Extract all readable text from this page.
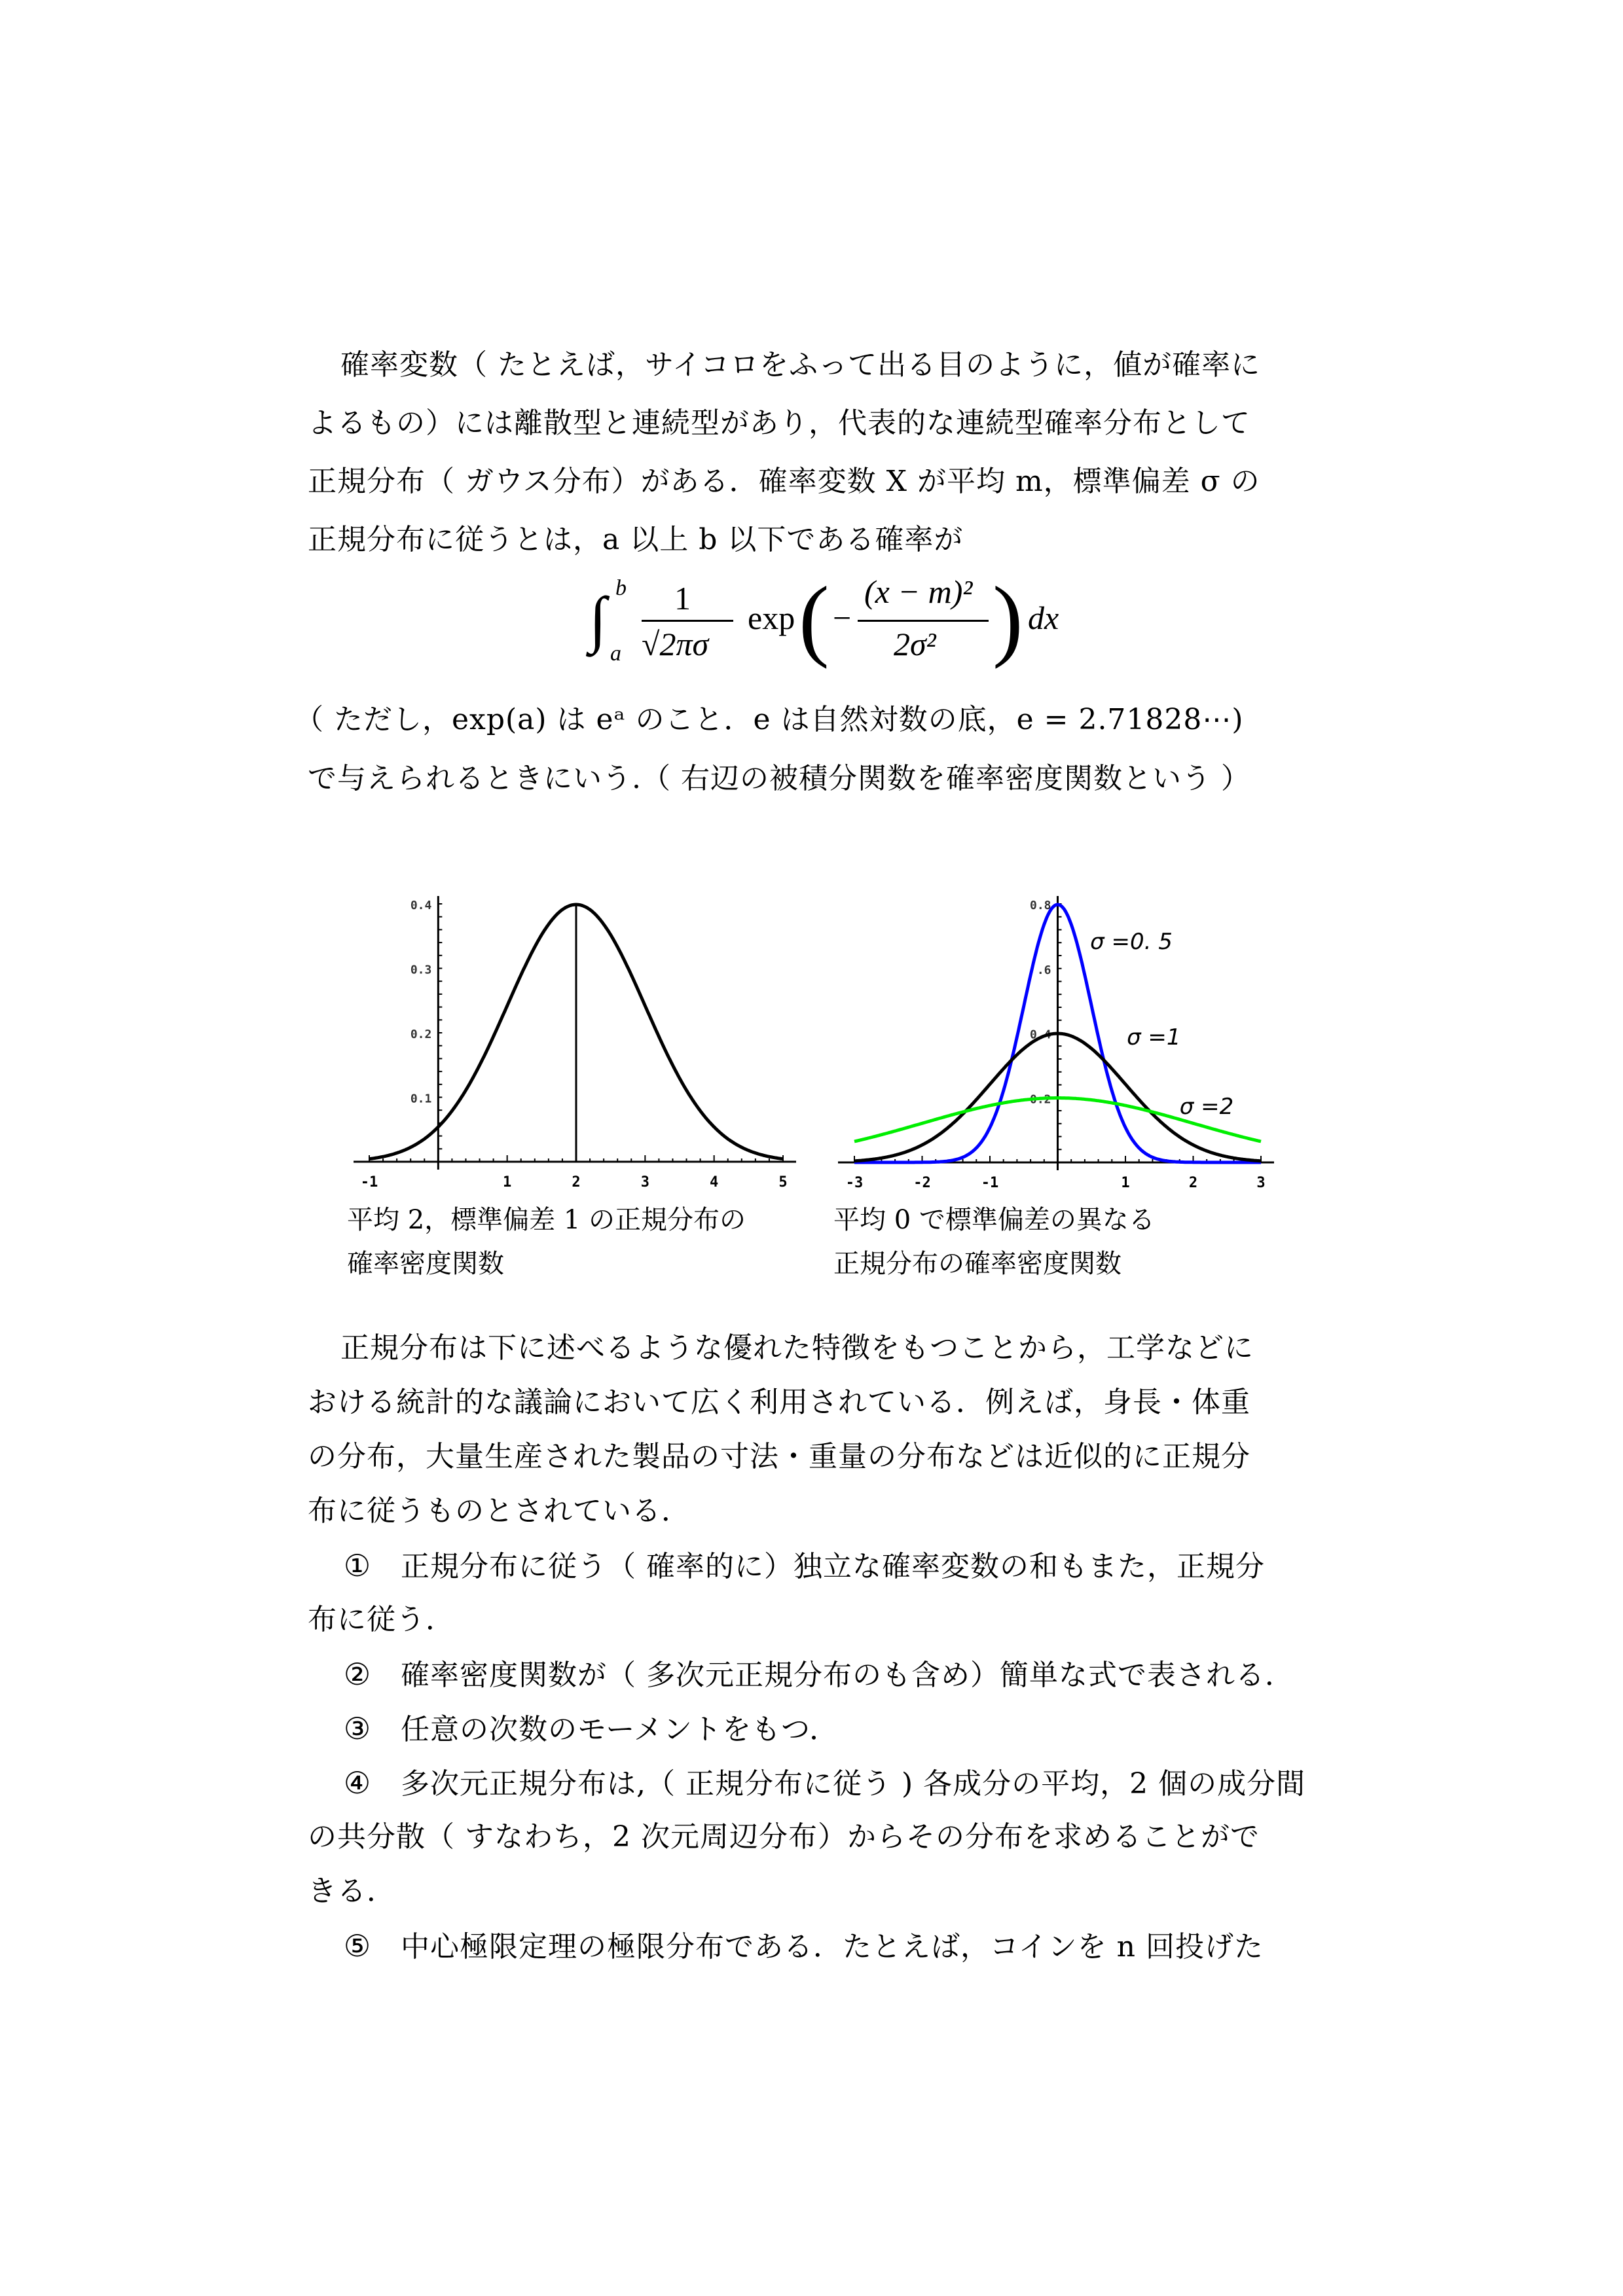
確率変数（ たとえば，サイコロをふって出る目のように，値が確率に
よるもの）には離散型と連続型があり，代表的な連続型確率分布として
正規分布（ ガウス分布）がある．確率変数 X が平均 m，標準偏差 σ の
正規分布に従うとは，a 以上 b 以下である確率が
∫ b
a
1
√2πσ
exp ( −
(x − m)²
2σ² ) dx
（ ただし，exp(a) は eᵃ のこと．e は自然対数の底，e = 2.71828⋯)
で与えられるときにいう.（ 右辺の被積分関数を確率密度関数という ）
-1	1	2	3	4	5
0.1
0.2
0.3
0.4
-3	-2	-1	1	2	3
0.2
0.4
.6
0.8
σ =0. 5
σ =1
σ =2
平均 2，標準偏差 1 の正規分布の
確率密度関数
平均 0 で標準偏差の異なる
正規分布の確率密度関数
正規分布は下に述べるような優れた特徴をもつことから，工学などに
おける統計的な議論において広く利用されている．例えば，身長・体重
の分布，大量生産された製品の寸法・重量の分布などは近似的に正規分
布に従うものとされている．
① 正規分布に従う（ 確率的に）独立な確率変数の和もまた，正規分
布に従う．
② 確率密度関数が（ 多次元正規分布のも含め）簡単な式で表される．
③ 任意の次数のモーメントをもつ．
④ 多次元正規分布は,（ 正規分布に従う ) 各成分の平均，2 個の成分間
の共分散（ すなわち，2 次元周辺分布）からその分布を求めることがで
きる．
⑤ 中心極限定理の極限分布である．たとえば，コインを n 回投げた
